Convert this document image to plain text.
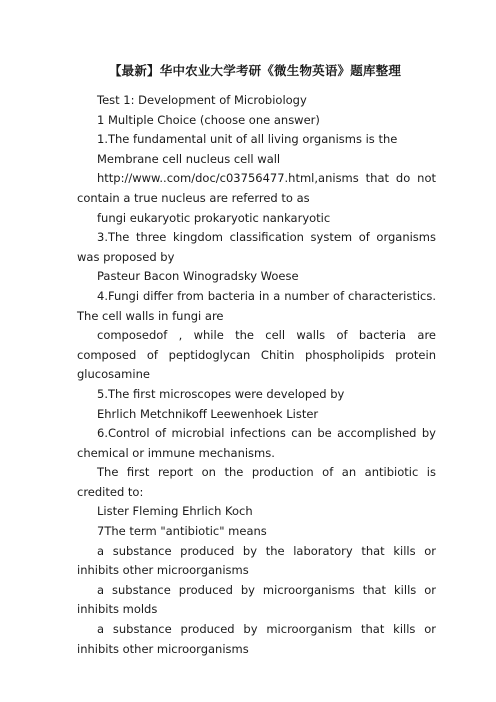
【最新】华中农业大学考研《微生物英语》题库整理

Test 1: Development of Microbiology

1 Multiple Choice (choose one answer)

1.The fundamental unit of all living organisms is the

Membrane cell nucleus cell wall

http://www..com/doc/c03756477.html,anisms that do not contain a true nucleus are referred to as

fungi eukaryotic prokaryotic nankaryotic

3.The three kingdom classification system of organisms was proposed by

Pasteur Bacon Winogradsky Woese

4.Fungi differ from bacteria in a number of characteristics. The cell walls in fungi are

composedof , while the cell walls of bacteria are composed of peptidoglycan Chitin phospholipids protein glucosamine

5.The first microscopes were developed by

Ehrlich Metchnikoff Leewenhoek Lister

6.Control of microbial infections can be accomplished by chemical or immune mechanisms.

The first report on the production of an antibiotic is credited to:

Lister Fleming Ehrlich Koch

7The term "antibiotic" means

a substance produced by the laboratory that kills or inhibits other microorganisms

a substance produced by microorganisms that kills or inhibits molds

a substance produced by microorganism that kills or inhibits other microorganisms
